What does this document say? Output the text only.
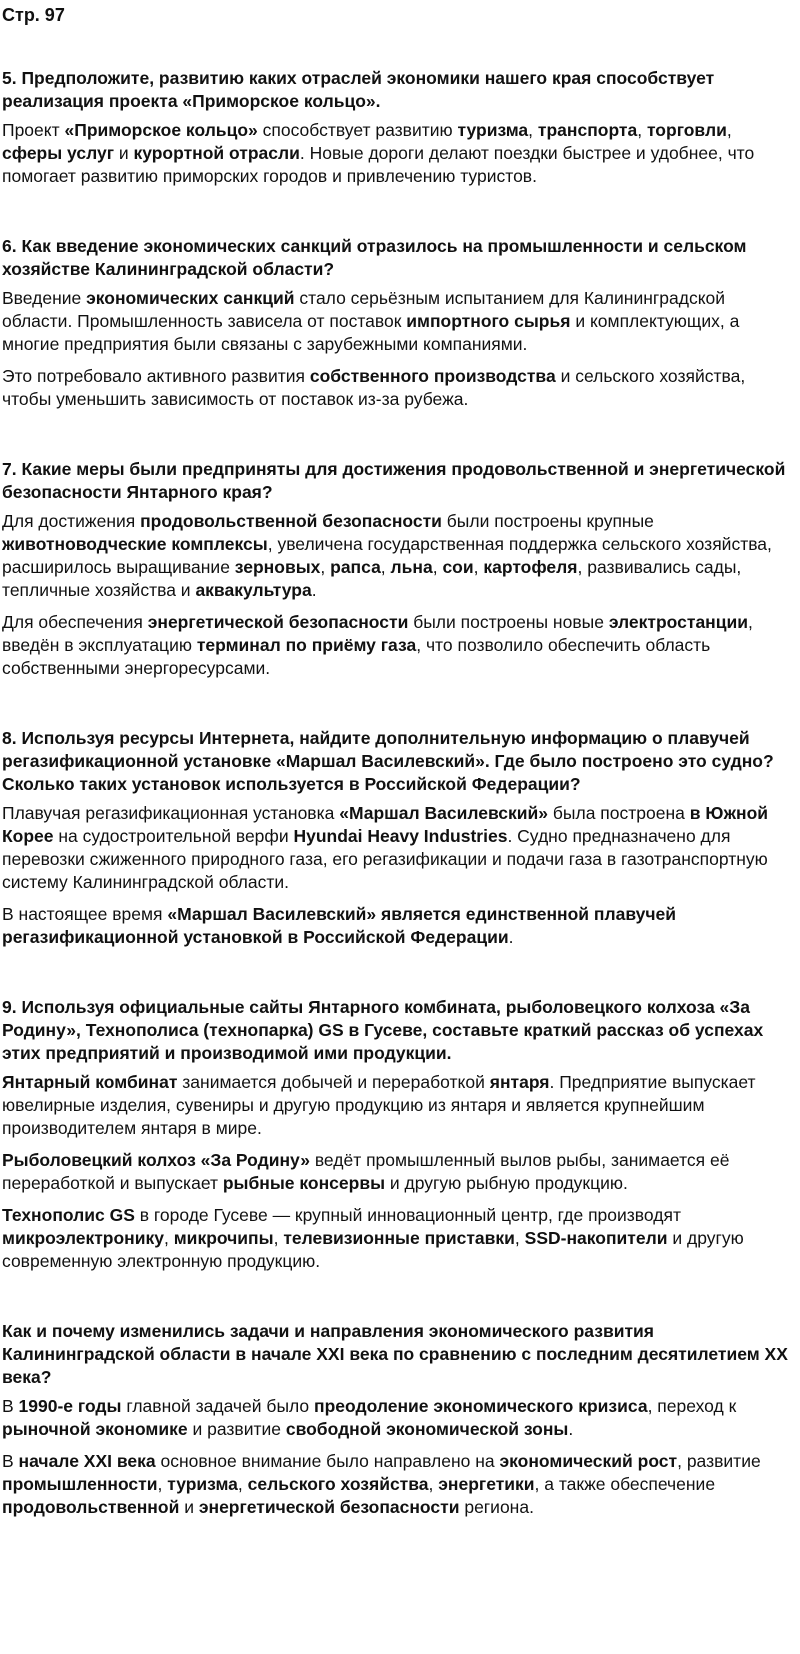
Стр. 97
5. Предположите, развитию каких отраслей экономики нашего края способствует реализация проекта «Приморское кольцо».
Проект «Приморское кольцо» способствует развитию туризма, транспорта, торговли, сферы услуг и курортной отрасли. Новые дороги делают поездки быстрее и удобнее, что помогает развитию приморских городов и привлечению туристов.
6. Как введение экономических санкций отразилось на промышленности и сельском хозяйстве Калининградской области?
Введение экономических санкций стало серьёзным испытанием для Калининградской области. Промышленность зависела от поставок импортного сырья и комплектующих, а многие предприятия были связаны с зарубежными компаниями.
Это потребовало активного развития собственного производства и сельского хозяйства, чтобы уменьшить зависимость от поставок из-за рубежа.
7. Какие меры были предприняты для достижения продовольственной и энергетической безопасности Янтарного края?
Для достижения продовольственной безопасности были построены крупные животноводческие комплексы, увеличена государственная поддержка сельского хозяйства, расширилось выращивание зерновых, рапса, льна, сои, картофеля, развивались сады, тепличные хозяйства и аквакультура.
Для обеспечения энергетической безопасности были построены новые электростанции, введён в эксплуатацию терминал по приёму газа, что позволило обеспечить область собственными энергоресурсами.
8. Используя ресурсы Интернета, найдите дополнительную информацию о плавучей регазификационной установке «Маршал Василевский». Где было построено это судно? Сколько таких установок используется в Российской Федерации?
Плавучая регазификационная установка «Маршал Василевский» была построена в Южной Корее на судостроительной верфи Hyundai Heavy Industries. Судно предназначено для перевозки сжиженного природного газа, его регазификации и подачи газа в газотранспортную систему Калининградской области.
В настоящее время «Маршал Василевский» является единственной плавучей регазификационной установкой в Российской Федерации.
9. Используя официальные сайты Янтарного комбината, рыболовецкого колхоза «За Родину», Технополиса (технопарка) GS в Гусеве, составьте краткий рассказ об успехах этих предприятий и производимой ими продукции.
Янтарный комбинат занимается добычей и переработкой янтаря. Предприятие выпускает ювелирные изделия, сувениры и другую продукцию из янтаря и является крупнейшим производителем янтаря в мире.
Рыболовецкий колхоз «За Родину» ведёт промышленный вылов рыбы, занимается её переработкой и выпускает рыбные консервы и другую рыбную продукцию.
Технополис GS в городе Гусеве — крупный инновационный центр, где производят микроэлектронику, микрочипы, телевизионные приставки, SSD-накопители и другую современную электронную продукцию.
Как и почему изменились задачи и направления экономического развития Калининградской области в начале XXI века по сравнению с последним десятилетием XX века?
В 1990-е годы главной задачей было преодоление экономического кризиса, переход к рыночной экономике и развитие свободной экономической зоны.
В начале XXI века основное внимание было направлено на экономический рост, развитие промышленности, туризма, сельского хозяйства, энергетики, а также обеспечение продовольственной и энергетической безопасности региона.
